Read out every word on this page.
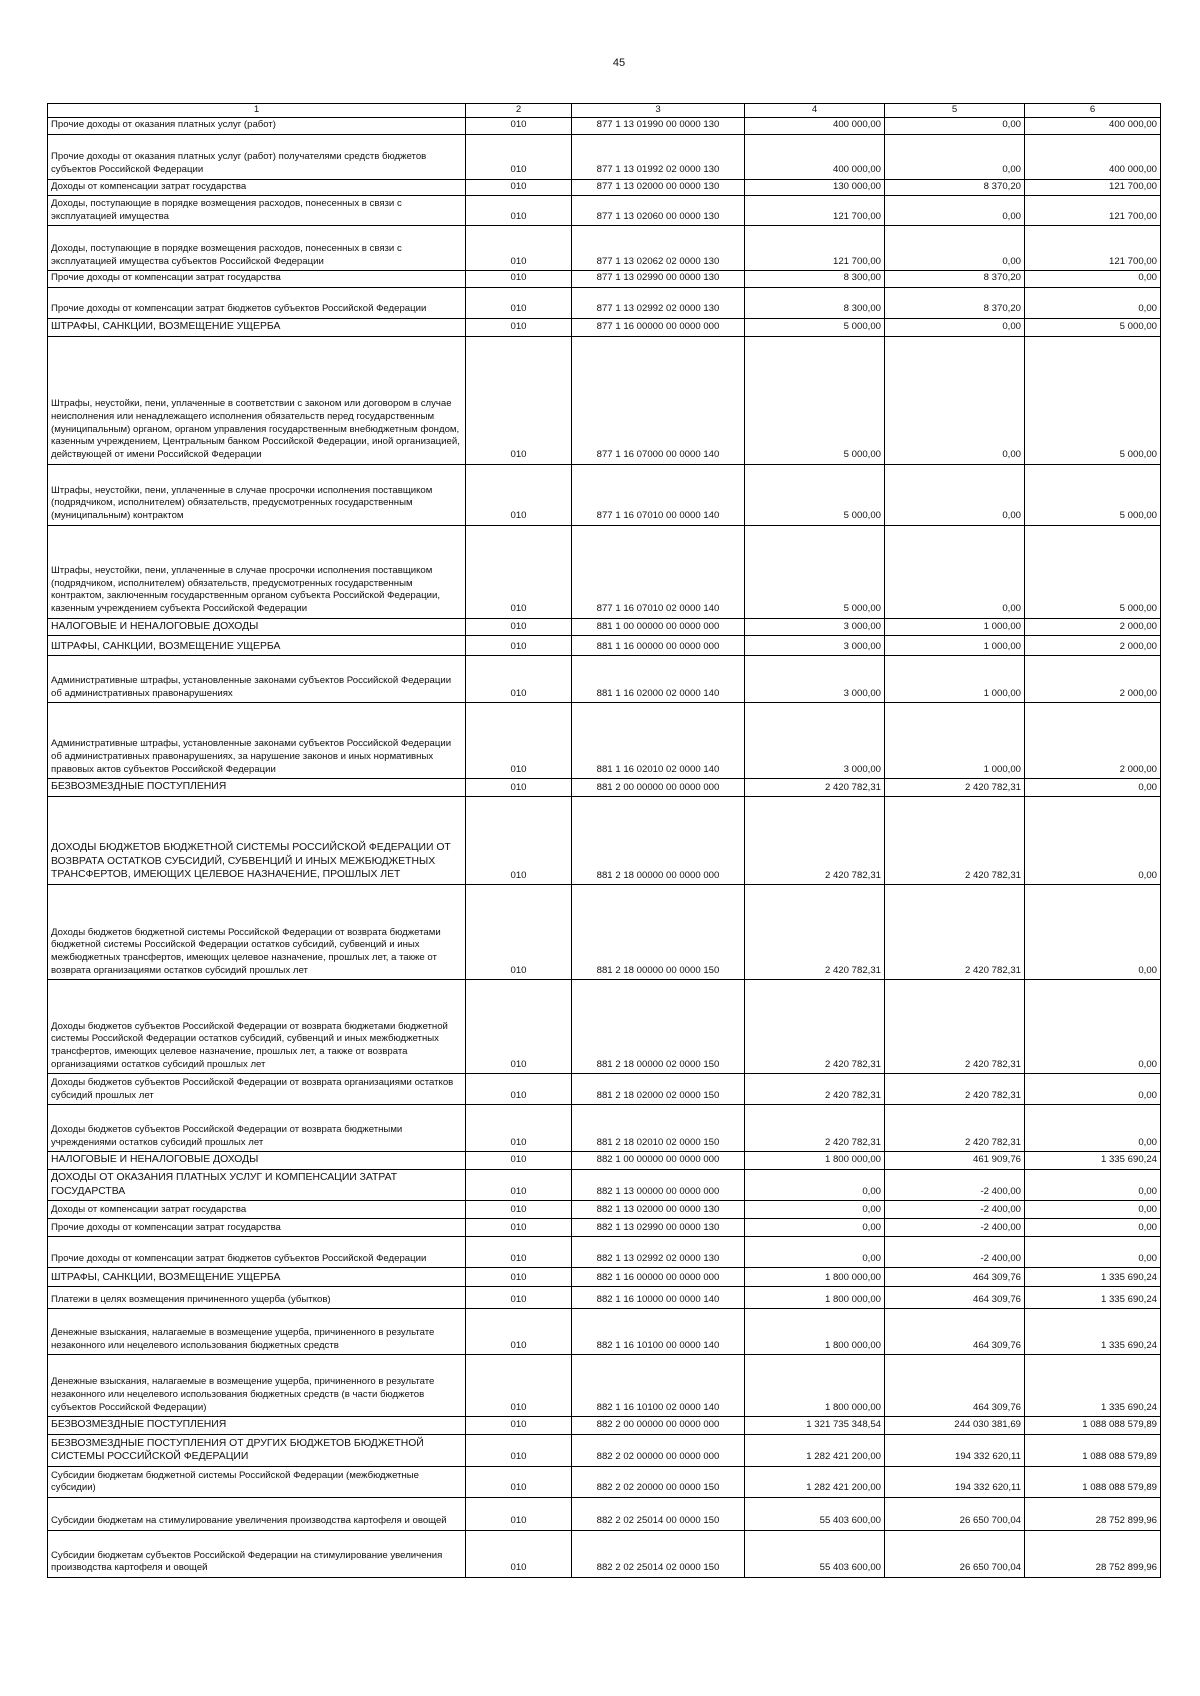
45
1	2	3	4	5	6
Прочие доходы от оказания платных услуг (работ)	010	877 1 13 01990 00 0000 130	400 000,00	0,00	400 000,00
Прочие доходы от оказания платных услуг (работ) получателями средств бюджетов субъектов Российской Федерации	010	877 1 13 01992 02 0000 130	400 000,00	0,00	400 000,00
Доходы от компенсации затрат государства	010	877 1 13 02000 00 0000 130	130 000,00	8 370,20	121 700,00
Доходы, поступающие в порядке возмещения расходов, понесенных в связи с эксплуатацией имущества	010	877 1 13 02060 00 0000 130	121 700,00	0,00	121 700,00
Доходы, поступающие в порядке возмещения расходов, понесенных в связи с эксплуатацией имущества субъектов Российской Федерации	010	877 1 13 02062 02 0000 130	121 700,00	0,00	121 700,00
Прочие доходы от компенсации затрат государства	010	877 1 13 02990 00 0000 130	8 300,00	8 370,20	0,00
Прочие доходы от компенсации затрат бюджетов субъектов Российской Федерации	010	877 1 13 02992 02 0000 130	8 300,00	8 370,20	0,00
ШТРАФЫ, САНКЦИИ, ВОЗМЕЩЕНИЕ УЩЕРБА	010	877 1 16 00000 00 0000 000	5 000,00	0,00	5 000,00
Штрафы, неустойки, пени, уплаченные в соответствии с законом или договором в случае неисполнения или ненадлежащего исполнения обязательств перед государственным (муниципальным) органом, органом управления государственным внебюджетным фондом, казенным учреждением, Центральным банком Российской Федерации, иной организацией, действующей от имени Российской Федерации	010	877 1 16 07000 00 0000 140	5 000,00	0,00	5 000,00
Штрафы, неустойки, пени, уплаченные в случае просрочки исполнения поставщиком (подрядчиком, исполнителем) обязательств, предусмотренных государственным (муниципальным) контрактом	010	877 1 16 07010 00 0000 140	5 000,00	0,00	5 000,00
Штрафы, неустойки, пени, уплаченные в случае просрочки исполнения поставщиком (подрядчиком, исполнителем) обязательств, предусмотренных государственным контрактом, заключенным государственным органом субъекта Российской Федерации, казенным учреждением субъекта Российской Федерации	010	877 1 16 07010 02 0000 140	5 000,00	0,00	5 000,00
НАЛОГОВЫЕ И НЕНАЛОГОВЫЕ ДОХОДЫ	010	881 1 00 00000 00 0000 000	3 000,00	1 000,00	2 000,00
ШТРАФЫ, САНКЦИИ, ВОЗМЕЩЕНИЕ УЩЕРБА	010	881 1 16 00000 00 0000 000	3 000,00	1 000,00	2 000,00
Административные штрафы, установленные законами субъектов Российской Федерации об административных правонарушениях	010	881 1 16 02000 02 0000 140	3 000,00	1 000,00	2 000,00
Административные штрафы, установленные законами субъектов Российской Федерации об административных правонарушениях, за нарушение законов и иных нормативных правовых актов субъектов Российской Федерации	010	881 1 16 02010 02 0000 140	3 000,00	1 000,00	2 000,00
БЕЗВОЗМЕЗДНЫЕ ПОСТУПЛЕНИЯ	010	881 2 00 00000 00 0000 000	2 420 782,31	2 420 782,31	0,00
ДОХОДЫ БЮДЖЕТОВ БЮДЖЕТНОЙ СИСТЕМЫ РОССИЙСКОЙ ФЕДЕРАЦИИ ОТ ВОЗВРАТА ОСТАТКОВ СУБСИДИЙ, СУБВЕНЦИЙ И ИНЫХ МЕЖБЮДЖЕТНЫХ ТРАНСФЕРТОВ, ИМЕЮЩИХ ЦЕЛЕВОЕ НАЗНАЧЕНИЕ, ПРОШЛЫХ ЛЕТ	010	881 2 18 00000 00 0000 000	2 420 782,31	2 420 782,31	0,00
Доходы бюджетов бюджетной системы Российской Федерации от возврата бюджетами бюджетной системы Российской Федерации остатков субсидий, субвенций и иных межбюджетных трансфертов, имеющих целевое назначение, прошлых лет, а также от возврата организациями остатков субсидий прошлых лет	010	881 2 18 00000 00 0000 150	2 420 782,31	2 420 782,31	0,00
Доходы бюджетов субъектов Российской Федерации от возврата бюджетами бюджетной системы Российской Федерации остатков субсидий, субвенций и иных межбюджетных трансфертов, имеющих целевое назначение, прошлых лет, а также от возврата организациями остатков субсидий прошлых лет	010	881 2 18 00000 02 0000 150	2 420 782,31	2 420 782,31	0,00
Доходы бюджетов субъектов Российской Федерации от возврата организациями остатков субсидий прошлых лет	010	881 2 18 02000 02 0000 150	2 420 782,31	2 420 782,31	0,00
Доходы бюджетов субъектов Российской Федерации от возврата бюджетными учреждениями остатков субсидий прошлых лет	010	881 2 18 02010 02 0000 150	2 420 782,31	2 420 782,31	0,00
НАЛОГОВЫЕ И НЕНАЛОГОВЫЕ ДОХОДЫ	010	882 1 00 00000 00 0000 000	1 800 000,00	461 909,76	1 335 690,24
ДОХОДЫ ОТ ОКАЗАНИЯ ПЛАТНЫХ УСЛУГ И КОМПЕНСАЦИИ ЗАТРАТ ГОСУДАРСТВА	010	882 1 13 00000 00 0000 000	0,00	-2 400,00	0,00
Доходы от компенсации затрат государства	010	882 1 13 02000 00 0000 130	0,00	-2 400,00	0,00
Прочие доходы от компенсации затрат государства	010	882 1 13 02990 00 0000 130	0,00	-2 400,00	0,00
Прочие доходы от компенсации затрат бюджетов субъектов Российской Федерации	010	882 1 13 02992 02 0000 130	0,00	-2 400,00	0,00
ШТРАФЫ, САНКЦИИ, ВОЗМЕЩЕНИЕ УЩЕРБА	010	882 1 16 00000 00 0000 000	1 800 000,00	464 309,76	1 335 690,24
Платежи в целях возмещения причиненного ущерба (убытков)	010	882 1 16 10000 00 0000 140	1 800 000,00	464 309,76	1 335 690,24
Денежные взыскания, налагаемые в возмещение ущерба, причиненного в результате незаконного или нецелевого использования бюджетных средств	010	882 1 16 10100 00 0000 140	1 800 000,00	464 309,76	1 335 690,24
Денежные взыскания, налагаемые в возмещение ущерба, причиненного в результате незаконного или нецелевого использования бюджетных средств (в части бюджетов субъектов Российской Федерации)	010	882 1 16 10100 02 0000 140	1 800 000,00	464 309,76	1 335 690,24
БЕЗВОЗМЕЗДНЫЕ ПОСТУПЛЕНИЯ	010	882 2 00 00000 00 0000 000	1 321 735 348,54	244 030 381,69	1 088 088 579,89
БЕЗВОЗМЕЗДНЫЕ ПОСТУПЛЕНИЯ ОТ ДРУГИХ БЮДЖЕТОВ БЮДЖЕТНОЙ СИСТЕМЫ РОССИЙСКОЙ ФЕДЕРАЦИИ	010	882 2 02 00000 00 0000 000	1 282 421 200,00	194 332 620,11	1 088 088 579,89
Субсидии бюджетам бюджетной системы Российской Федерации (межбюджетные субсидии)	010	882 2 02 20000 00 0000 150	1 282 421 200,00	194 332 620,11	1 088 088 579,89
Субсидии бюджетам на стимулирование увеличения производства картофеля и овощей	010	882 2 02 25014 00 0000 150	55 403 600,00	26 650 700,04	28 752 899,96
Субсидии бюджетам субъектов Российской Федерации на стимулирование увеличения производства картофеля и овощей	010	882 2 02 25014 02 0000 150	55 403 600,00	26 650 700,04	28 752 899,96
